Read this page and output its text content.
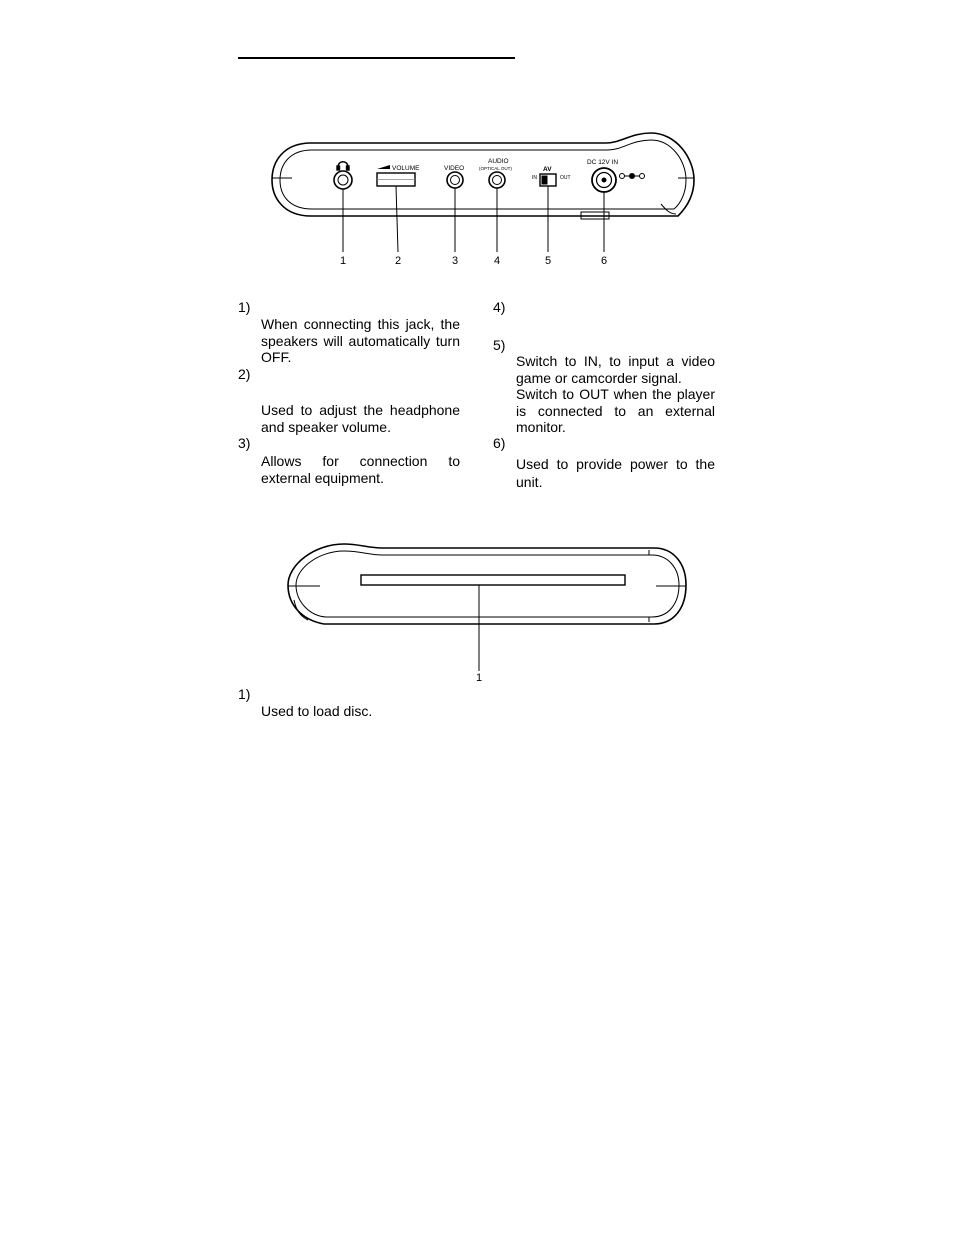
VOLUME	VIDEO
AUDIO
(OPTICAL OUT)	AV
IN	OUT
DC 12V IN
1	2	3	4	5	6
1)
When connecting this jack, the speakers will automatically turn OFF.
2)
Used to adjust the headphone and speaker volume.
3)
Allows for connection to external equipment.
4)
5)
Switch to IN, to input a video game or camcorder signal.
Switch to OUT when the player is connected to an external monitor.
6)
Used to provide power to the unit.
1
1)
Used to load disc.
